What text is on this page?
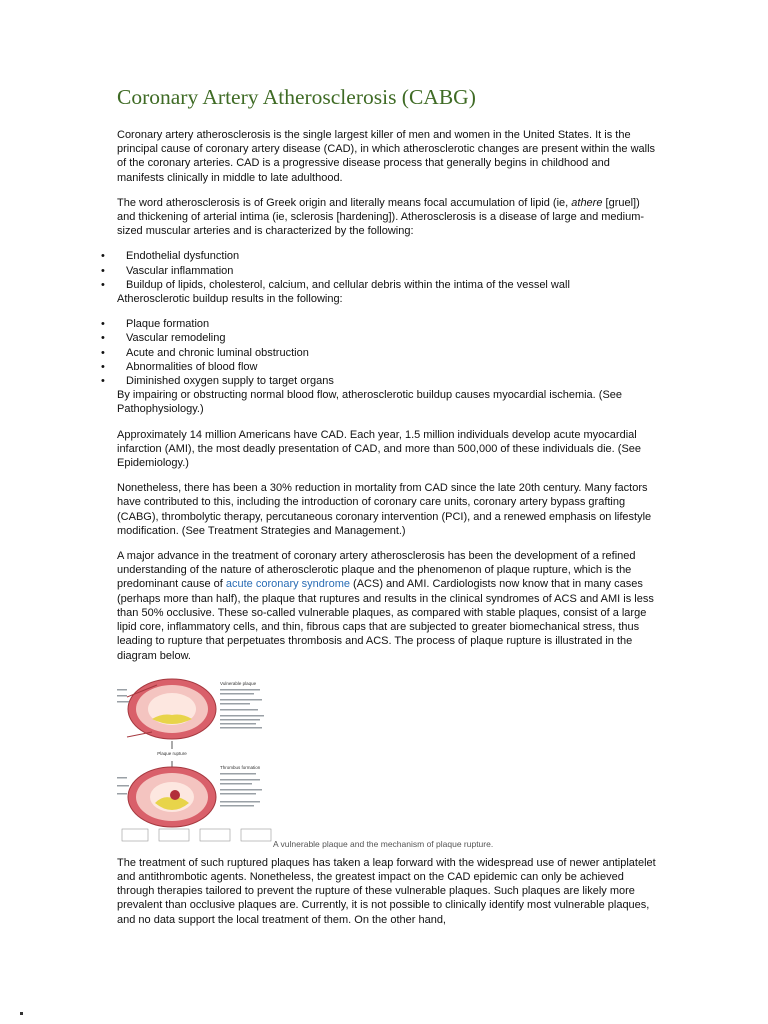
Coronary Artery Atherosclerosis (CABG)

Coronary artery atherosclerosis is the single largest killer of men and women in the United States. It is the principal cause of coronary artery disease (CAD), in which atherosclerotic changes are present within the walls of the coronary arteries. CAD is a progressive disease process that generally begins in childhood and manifests clinically in middle to late adulthood.

The word atherosclerosis is of Greek origin and literally means focal accumulation of lipid (ie, athere [gruel]) and thickening of arterial intima (ie, sclerosis [hardening]). Atherosclerosis is a disease of large and medium-sized muscular arteries and is characterized by the following:

• Endothelial dysfunction
• Vascular inflammation
• Buildup of lipids, cholesterol, calcium, and cellular debris within the intima of the vessel wall

Atherosclerotic buildup results in the following:

• Plaque formation
• Vascular remodeling
• Acute and chronic luminal obstruction
• Abnormalities of blood flow
• Diminished oxygen supply to target organs

By impairing or obstructing normal blood flow, atherosclerotic buildup causes myocardial ischemia. (See Pathophysiology.)

Approximately 14 million Americans have CAD. Each year, 1.5 million individuals develop acute myocardial infarction (AMI), the most deadly presentation of CAD, and more than 500,000 of these individuals die. (See Epidemiology.)

Nonetheless, there has been a 30% reduction in mortality from CAD since the late 20th century. Many factors have contributed to this, including the introduction of coronary care units, coronary artery bypass grafting (CABG), thrombolytic therapy, percutaneous coronary intervention (PCI), and a renewed emphasis on lifestyle modification. (See Treatment Strategies and Management.)

A major advance in the treatment of coronary artery atherosclerosis has been the development of a refined understanding of the nature of atherosclerotic plaque and the phenomenon of plaque rupture, which is the predominant cause of acute coronary syndrome (ACS) and AMI. Cardiologists now know that in many cases (perhaps more than half), the plaque that ruptures and results in the clinical syndromes of ACS and AMI is less than 50% occlusive. These so-called vulnerable plaques, as compared with stable plaques, consist of a large lipid core, inflammatory cells, and thin, fibrous caps that are subjected to greater biomechanical stress, thus leading to rupture that perpetuates thrombosis and ACS. The process of plaque rupture is illustrated in the diagram below.

Plaque rupture
Vulnerable plaque
Thrombus formation
A vulnerable plaque and the mechanism of plaque rupture.

The treatment of such ruptured plaques has taken a leap forward with the widespread use of newer antiplatelet and antithrombotic agents. Nonetheless, the greatest impact on the CAD epidemic can only be achieved through therapies tailored to prevent the rupture of these vulnerable plaques. Such plaques are likely more prevalent than occlusive plaques are. Currently, it is not possible to clinically identify most vulnerable plaques, and no data support the local treatment of them. On the other hand,
